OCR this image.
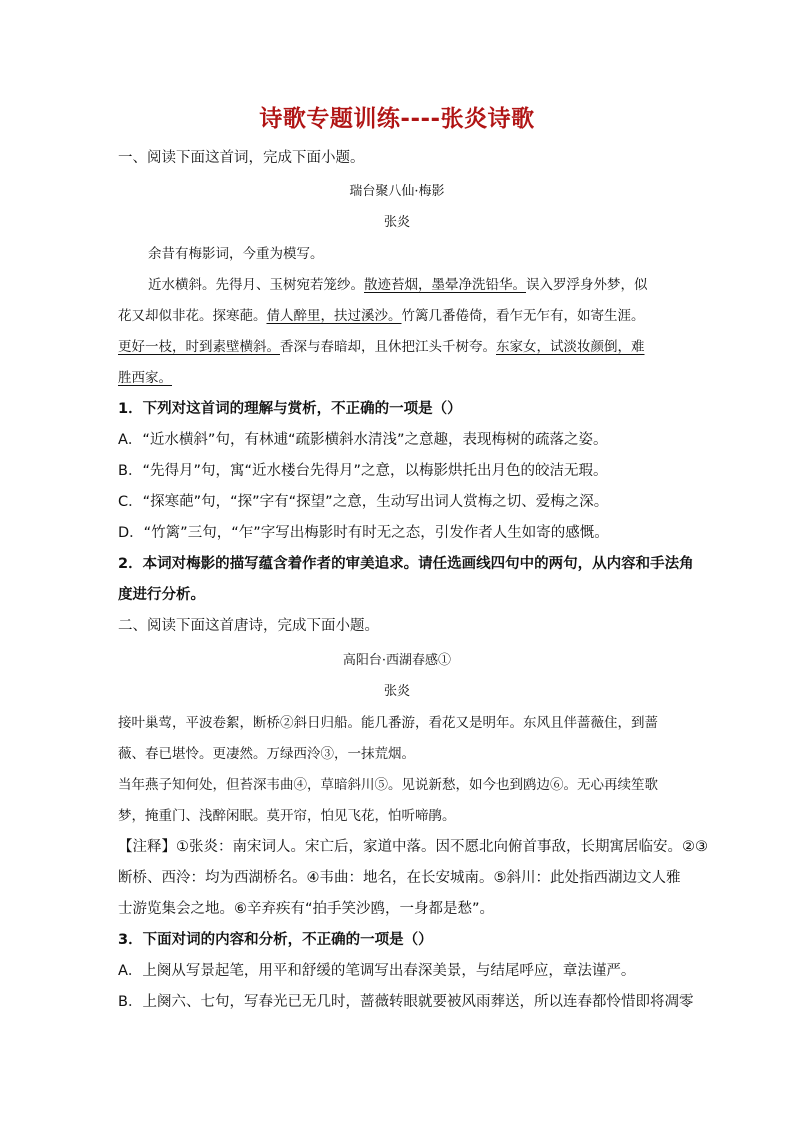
诗歌专题训练----张炎诗歌
一、阅读下面这首词，完成下面小题。
瑞台聚八仙·梅影
张炎
余昔有梅影词，今重为模写。
近水横斜。先得月、玉树宛若笼纱。散迹苔烟，墨晕净洗铅华。误入罗浮身外梦，似
花又却似非花。探寒葩。倩人醉里，扶过溪沙。竹篱几番倦倚，看乍无乍有，如寄生涯。
更好一枝，时到素壁横斜。香深与春暗却，且休把江头千树夸。东家女，试淡妆颜倒，难
胜西家。
1．下列对这首词的理解与赏析，不正确的一项是（）
A．“近水横斜”句，有林逋“疏影横斜水清浅”之意趣，表现梅树的疏落之姿。
B．“先得月”句，寓“近水楼台先得月”之意，以梅影烘托出月色的皎洁无瑕。
C．“探寒葩”句，“探”字有“探望”之意，生动写出词人赏梅之切、爱梅之深。
D．“竹篱”三句，“乍”字写出梅影时有时无之态，引发作者人生如寄的感慨。
2．本词对梅影的描写蕴含着作者的审美追求。请任选画线四句中的两句，从内容和手法角
度进行分析。
二、阅读下面这首唐诗，完成下面小题。
高阳台·西湖春感①
张炎
接叶巢莺，平波卷絮，断桥②斜日归船。能几番游，看花又是明年。东风且伴蔷薇住，到蔷
薇、春已堪怜。更凄然。万绿西泠③，一抹荒烟。
当年燕子知何处，但苔深韦曲④，草暗斜川⑤。见说新愁，如今也到鸥边⑥。无心再续笙歌
梦，掩重门、浅醉闲眠。莫开帘，怕见飞花，怕听啼鹃。
【注释】①张炎：南宋词人。宋亡后，家道中落。因不愿北向俯首事敌，长期寓居临安。②③
断桥、西泠：均为西湖桥名。④韦曲：地名，在长安城南。⑤斜川：此处指西湖边文人雅
士游览集会之地。⑥辛弃疾有“拍手笑沙鸥，一身都是愁”。
3．下面对词的内容和分析，不正确的一项是（）
A．上阕从写景起笔，用平和舒缓的笔调写出春深美景，与结尾呼应，章法谨严。
B．上阕六、七句，写春光已无几时，蔷薇转眼就要被风雨葬送，所以连春都怜惜即将凋零
